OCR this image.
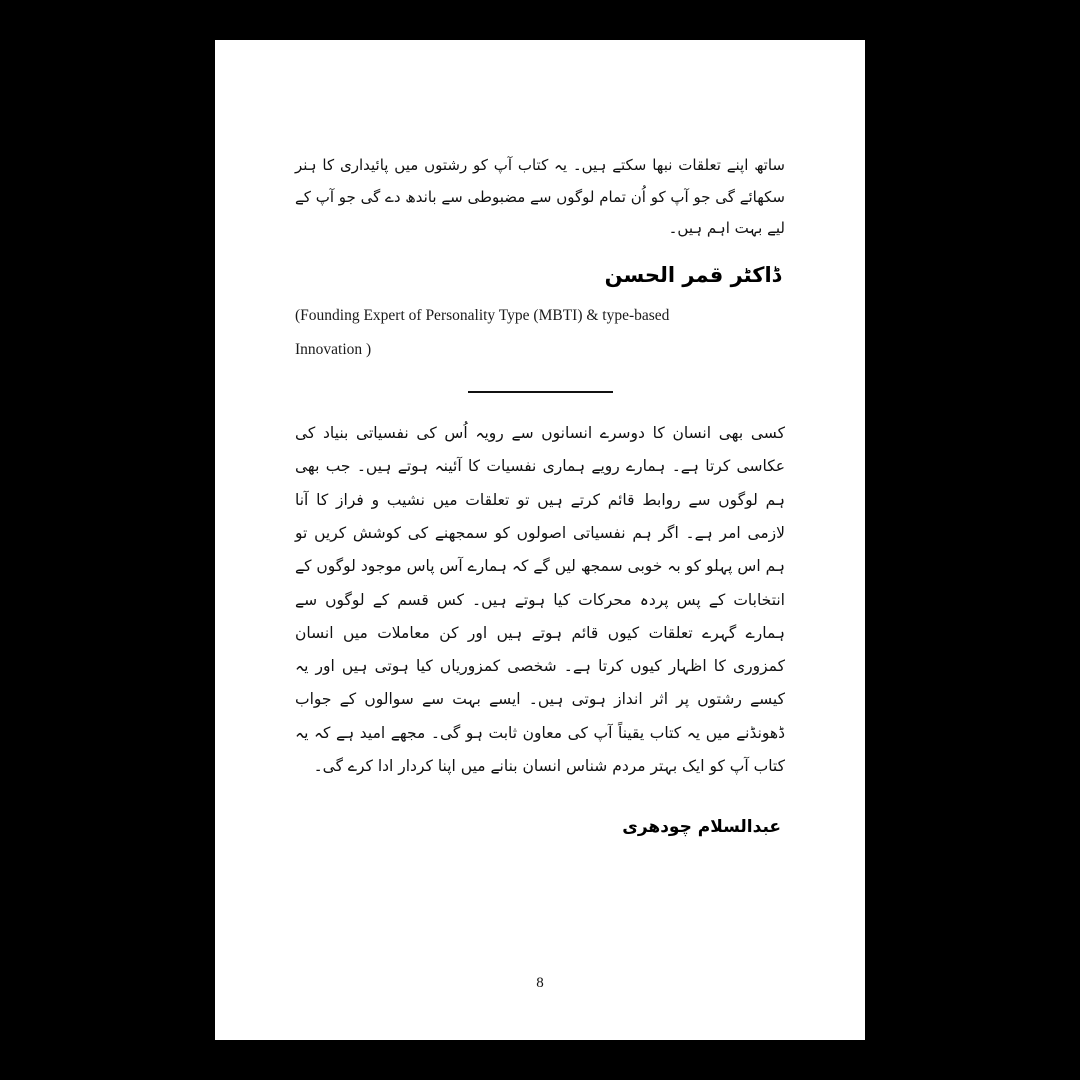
ساتھ اپنے تعلقات نبھا سکتے ہیں۔ یہ کتاب آپ کو رشتوں میں پائیداری کا ہنر سکھائے گی جو آپ کو اُن تمام لوگوں سے مضبوطی سے باندھ دے گی جو آپ کے لیے بہت اہم ہیں۔

ڈاکٹر قمر الحسن
(Founding Expert of Personality Type (MBTI) & type-based
Innovation )

کسی بھی انسان کا دوسرے انسانوں سے رویہ اُس کی نفسیاتی بنیاد کی عکاسی کرتا ہے۔ ہمارے رویے ہماری نفسیات کا آئینہ ہوتے ہیں۔ جب بھی ہم لوگوں سے روابط قائم کرتے ہیں تو تعلقات میں نشیب و فراز کا آنا لازمی امر ہے۔ اگر ہم نفسیاتی اصولوں کو سمجھنے کی کوشش کریں تو ہم اس پہلو کو بہ خوبی سمجھ لیں گے کہ ہمارے آس پاس موجود لوگوں کے انتخابات کے پس پردہ محرکات کیا ہوتے ہیں۔ کس قسم کے لوگوں سے ہمارے گہرے تعلقات کیوں قائم ہوتے ہیں اور کن معاملات میں انسان کمزوری کا اظہار کیوں کرتا ہے۔ شخصی کمزوریاں کیا ہوتی ہیں اور یہ کیسے رشتوں پر اثر انداز ہوتی ہیں۔ ایسے بہت سے سوالوں کے جواب ڈھونڈنے میں یہ کتاب یقیناً آپ کی معاون ثابت ہو گی۔ مجھے امید ہے کہ یہ کتاب آپ کو ایک بہتر مردم شناس انسان بنانے میں اپنا کردار ادا کرے گی۔

عبدالسلام چودھری
8
